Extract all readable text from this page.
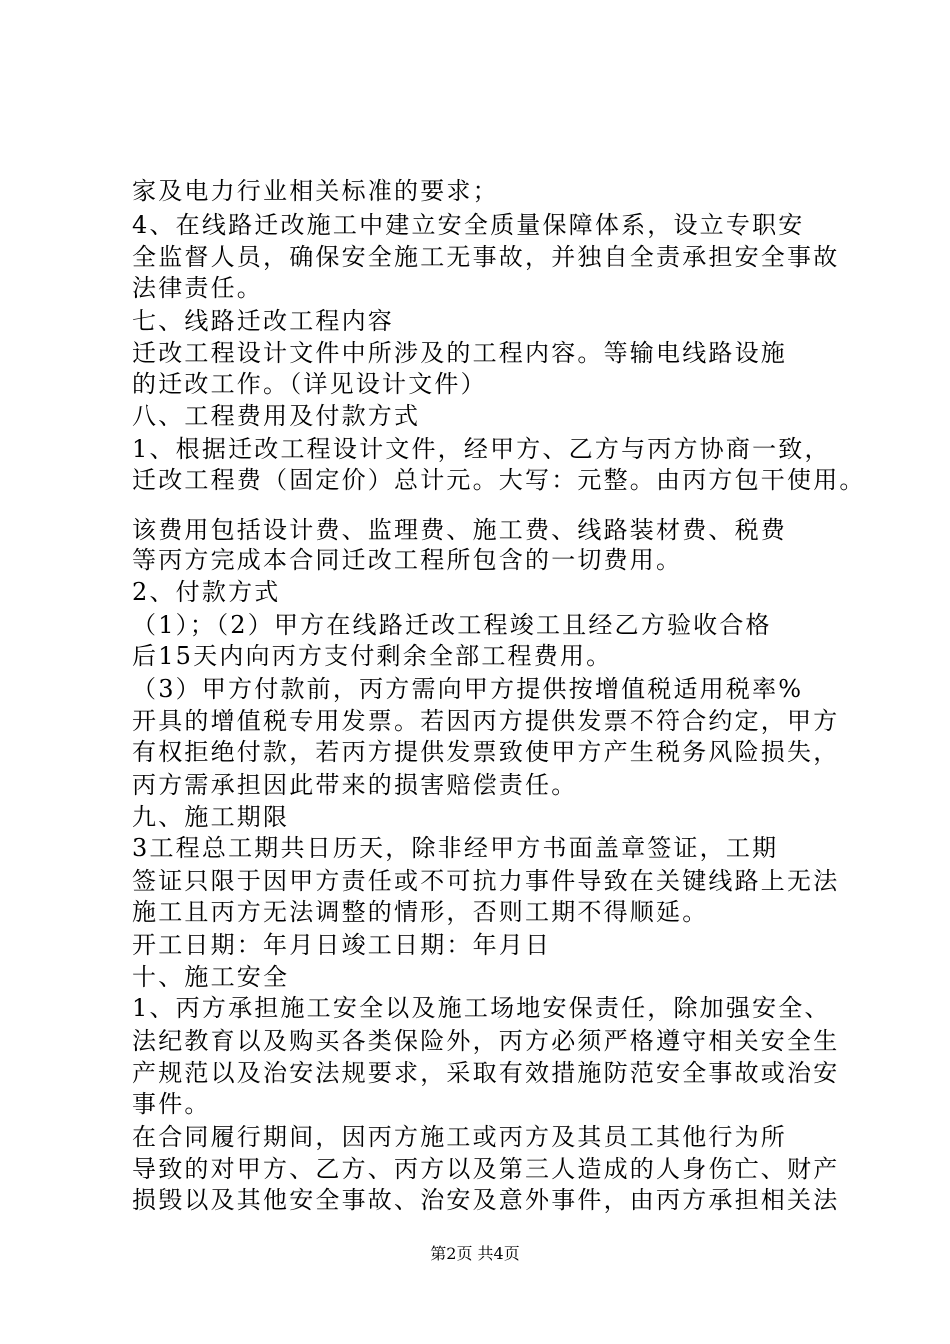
家及电力行业相关标准的要求；
4、在线路迁改施工中建立安全质量保障体系，设立专职安
全监督人员，确保安全施工无事故，并独自全责承担安全事故
法律责任。
七、线路迁改工程内容
迁改工程设计文件中所涉及的工程内容。等输电线路设施
的迁改工作。（详见设计文件）
八、工程费用及付款方式
1、根据迁改工程设计文件，经甲方、乙方与丙方协商一致，
迁改工程费（固定价）总计元。大写：元整。由丙方包干使用。
该费用包括设计费、监理费、施工费、线路装材费、税费
等丙方完成本合同迁改工程所包含的一切费用。
2、付款方式
（1）；（2）甲方在线路迁改工程竣工且经乙方验收合格
后15天内向丙方支付剩余全部工程费用。
（3）甲方付款前，丙方需向甲方提供按增值税适用税率%
开具的增值税专用发票。若因丙方提供发票不符合约定，甲方
有权拒绝付款，若丙方提供发票致使甲方产生税务风险损失，
丙方需承担因此带来的损害赔偿责任。
九、施工期限
3工程总工期共日历天，除非经甲方书面盖章签证，工期
签证只限于因甲方责任或不可抗力事件导致在关键线路上无法
施工且丙方无法调整的情形，否则工期不得顺延。
开工日期：年月日竣工日期：年月日
十、施工安全
1、丙方承担施工安全以及施工场地安保责任，除加强安全、
法纪教育以及购买各类保险外，丙方必须严格遵守相关安全生
产规范以及治安法规要求，采取有效措施防范安全事故或治安
事件。
在合同履行期间，因丙方施工或丙方及其员工其他行为所
导致的对甲方、乙方、丙方以及第三人造成的人身伤亡、财产
损毁以及其他安全事故、治安及意外事件，由丙方承担相关法
第2页 共4页
